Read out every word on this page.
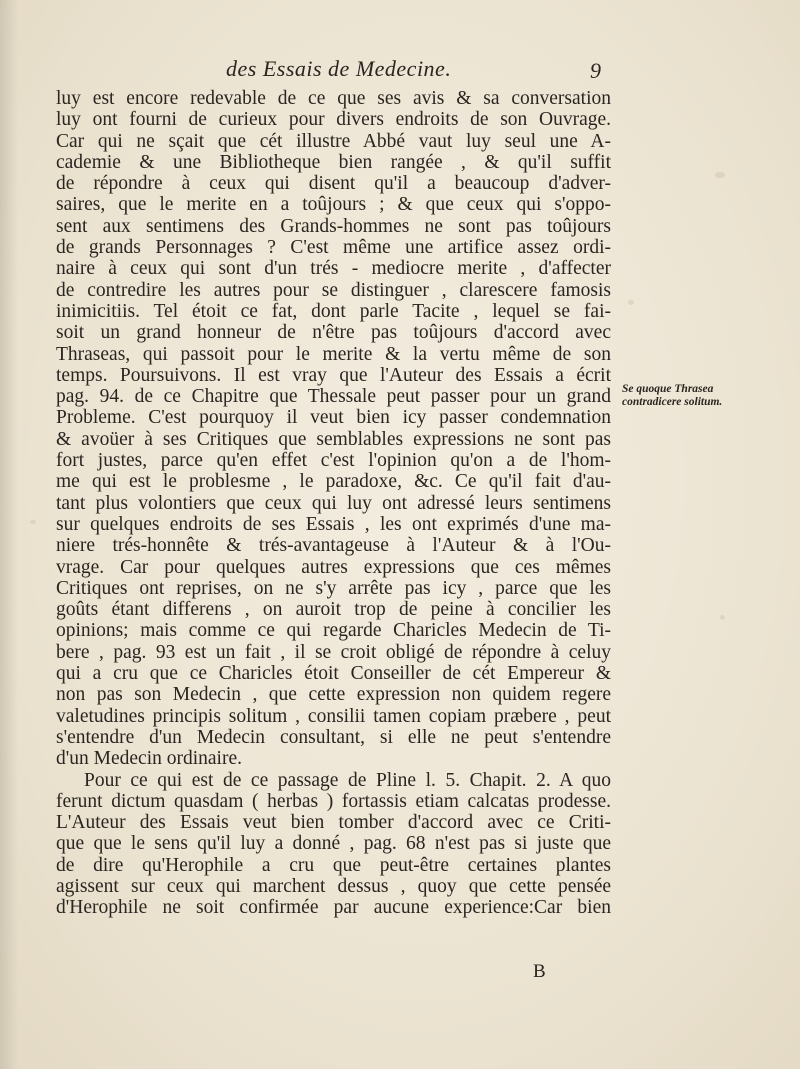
des Essais de Medecine.	9
luy est encore redevable de ce que ses avis & sa conversation
luy ont fourni de curieux pour divers endroits de son Ouvrage.
Car qui ne sçait que cét illustre Abbé vaut luy seul une A-
cademie & une Bibliotheque bien rangée , & qu'il suffit
de répondre à ceux qui disent qu'il a beaucoup d'adver-
saires, que le merite en a toûjours ; & que ceux qui s'oppo-
sent aux sentimens des Grands-hommes ne sont pas toûjours
de grands Personnages ? C'est même une artifice assez ordi-
naire à ceux qui sont d'un trés - mediocre merite , d'affecter
de contredire les autres pour se distinguer , clarescere famosis
inimicitiis. Tel étoit ce fat, dont parle Tacite , lequel se fai-
soit un grand honneur de n'être pas toûjours d'accord avec
Thraseas, qui passoit pour le merite & la vertu même de son
temps. Poursuivons. Il est vray que l'Auteur des Essais a écrit
pag. 94. de ce Chapitre que Thessale peut passer pour un grand
Probleme. C'est pourquoy il veut bien icy passer condemnation
& avoüer à ses Critiques que semblables expressions ne sont pas
fort justes, parce qu'en effet c'est l'opinion qu'on a de l'hom-
me qui est le problesme , le paradoxe, &c. Ce qu'il fait d'au-
tant plus volontiers que ceux qui luy ont adressé leurs sentimens
sur quelques endroits de ses Essais , les ont exprimés d'une ma-
niere trés-honnête & trés-avantageuse à l'Auteur & à l'Ou-
vrage. Car pour quelques autres expressions que ces mêmes
Critiques ont reprises, on ne s'y arrête pas icy , parce que les
goûts étant differens , on auroit trop de peine à concilier les
opinions; mais comme ce qui regarde Charicles Medecin de Ti-
bere , pag. 93 est un fait , il se croit obligé de répondre à celuy
qui a cru que ce Charicles étoit Conseiller de cét Empereur &
non pas son Medecin , que cette expression non quidem regere
valetudines principis solitum , consilii tamen copiam præbere , peut
s'entendre d'un Medecin consultant, si elle ne peut s'entendre
d'un Medecin ordinaire.
Pour ce qui est de ce passage de Pline l. 5. Chapit. 2. A quo
ferunt dictum quasdam ( herbas ) fortassis etiam calcatas prodesse.
L'Auteur des Essais veut bien tomber d'accord avec ce Criti-
que que le sens qu'il luy a donné , pag. 68 n'est pas si juste que
de dire qu'Herophile a cru que peut-être certaines plantes
agissent sur ceux qui marchent dessus , quoy que cette pensée
d'Herophile ne soit confirmée par aucune experience:Car bien
Se quoque Thrasea
contradicere solitum.
B
